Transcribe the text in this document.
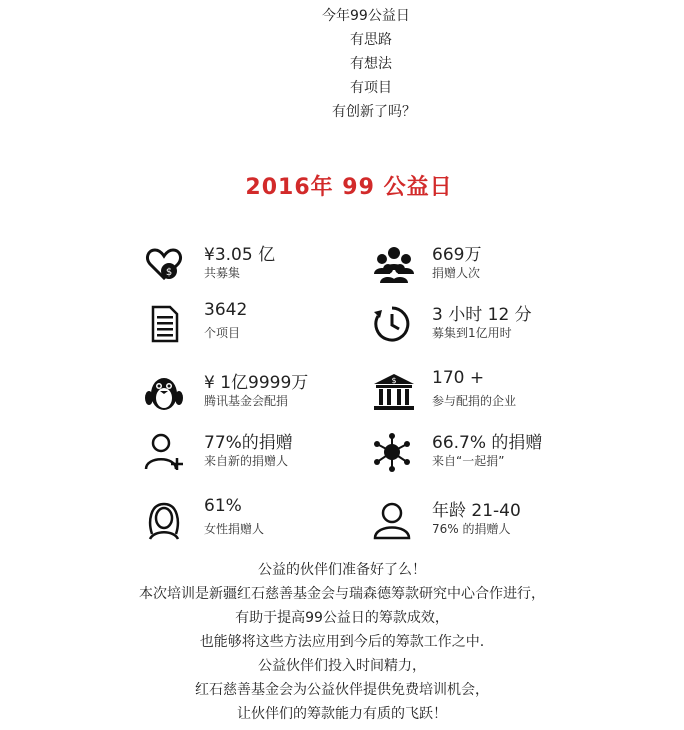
今年99公益日
有思路
有想法
有项目
有创新了吗？
2016年 99 公益日
$
¥3.05 亿
共募集
669万
捐赠人次
3642
个项目
3 小时 12 分
募集到1亿用时
¥ 1亿9999万
腾讯基金会配捐
$ 170 +
参与配捐的企业
77%的捐赠
来自新的捐赠人
66.7% 的捐赠
来自“一起捐”
61%
女性捐赠人
年龄 21-40
76% 的捐赠人
公益的伙伴们准备好了么！
本次培训是新疆红石慈善基金会与瑞森德筹款研究中心合作进行，
有助于提高99公益日的筹款成效，
也能够将这些方法应用到今后的筹款工作之中.
公益伙伴们投入时间精力，
红石慈善基金会为公益伙伴提供免费培训机会，
让伙伴们的筹款能力有质的飞跃！
